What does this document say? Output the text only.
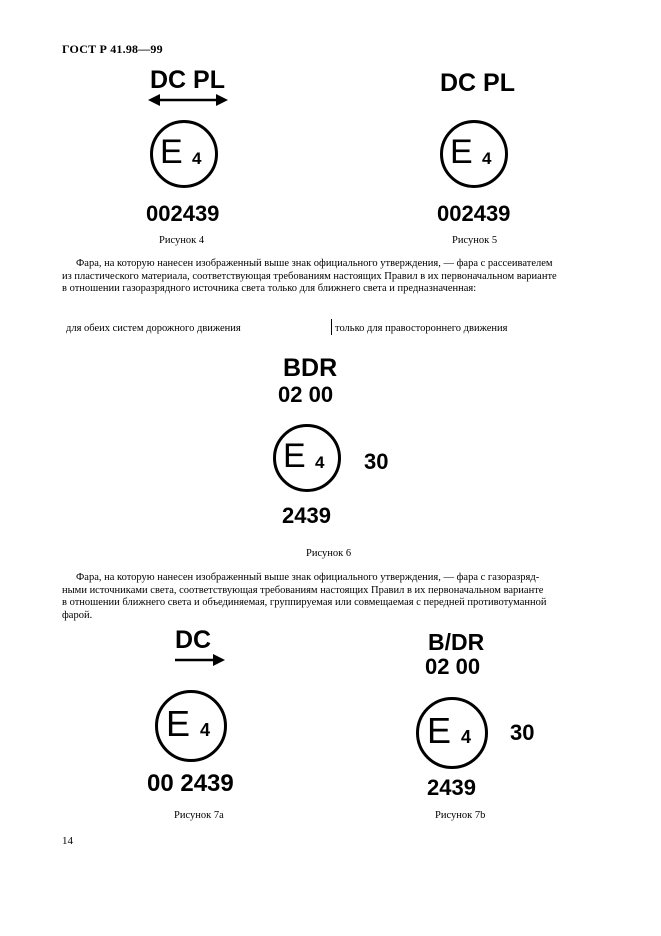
ГОСТ Р 41.98—99
DC PL
E 4
002439
Рисунок 4
DC PL
E 4
002439
Рисунок 5
Фара, на которую нанесен изображенный выше знак официального утверждения, — фара с рассеивателем
из пластического материала, соответствующая требованиям настоящих Правил в их первоначальном варианте
в отношении газоразрядного источника света только для ближнего света и предназначенная:
для обеих систем дорожного движения	только для правостороннего движения
BDR
02 00
E 4 30
2439
Рисунок 6
Фара, на которую нанесен изображенный выше знак официального утверждения, — фара с газоразряд-
ными источниками света, соответствующая требованиям настоящих Правил в их первоначальном варианте
в отношении ближнего света и объединяемая, группируемая или совмещаемая с передней противотуманной
фарой.
DC
E 4
00 2439
Рисунок 7а
B/DR
02 00
E 4 30
2439
Рисунок 7b
14
